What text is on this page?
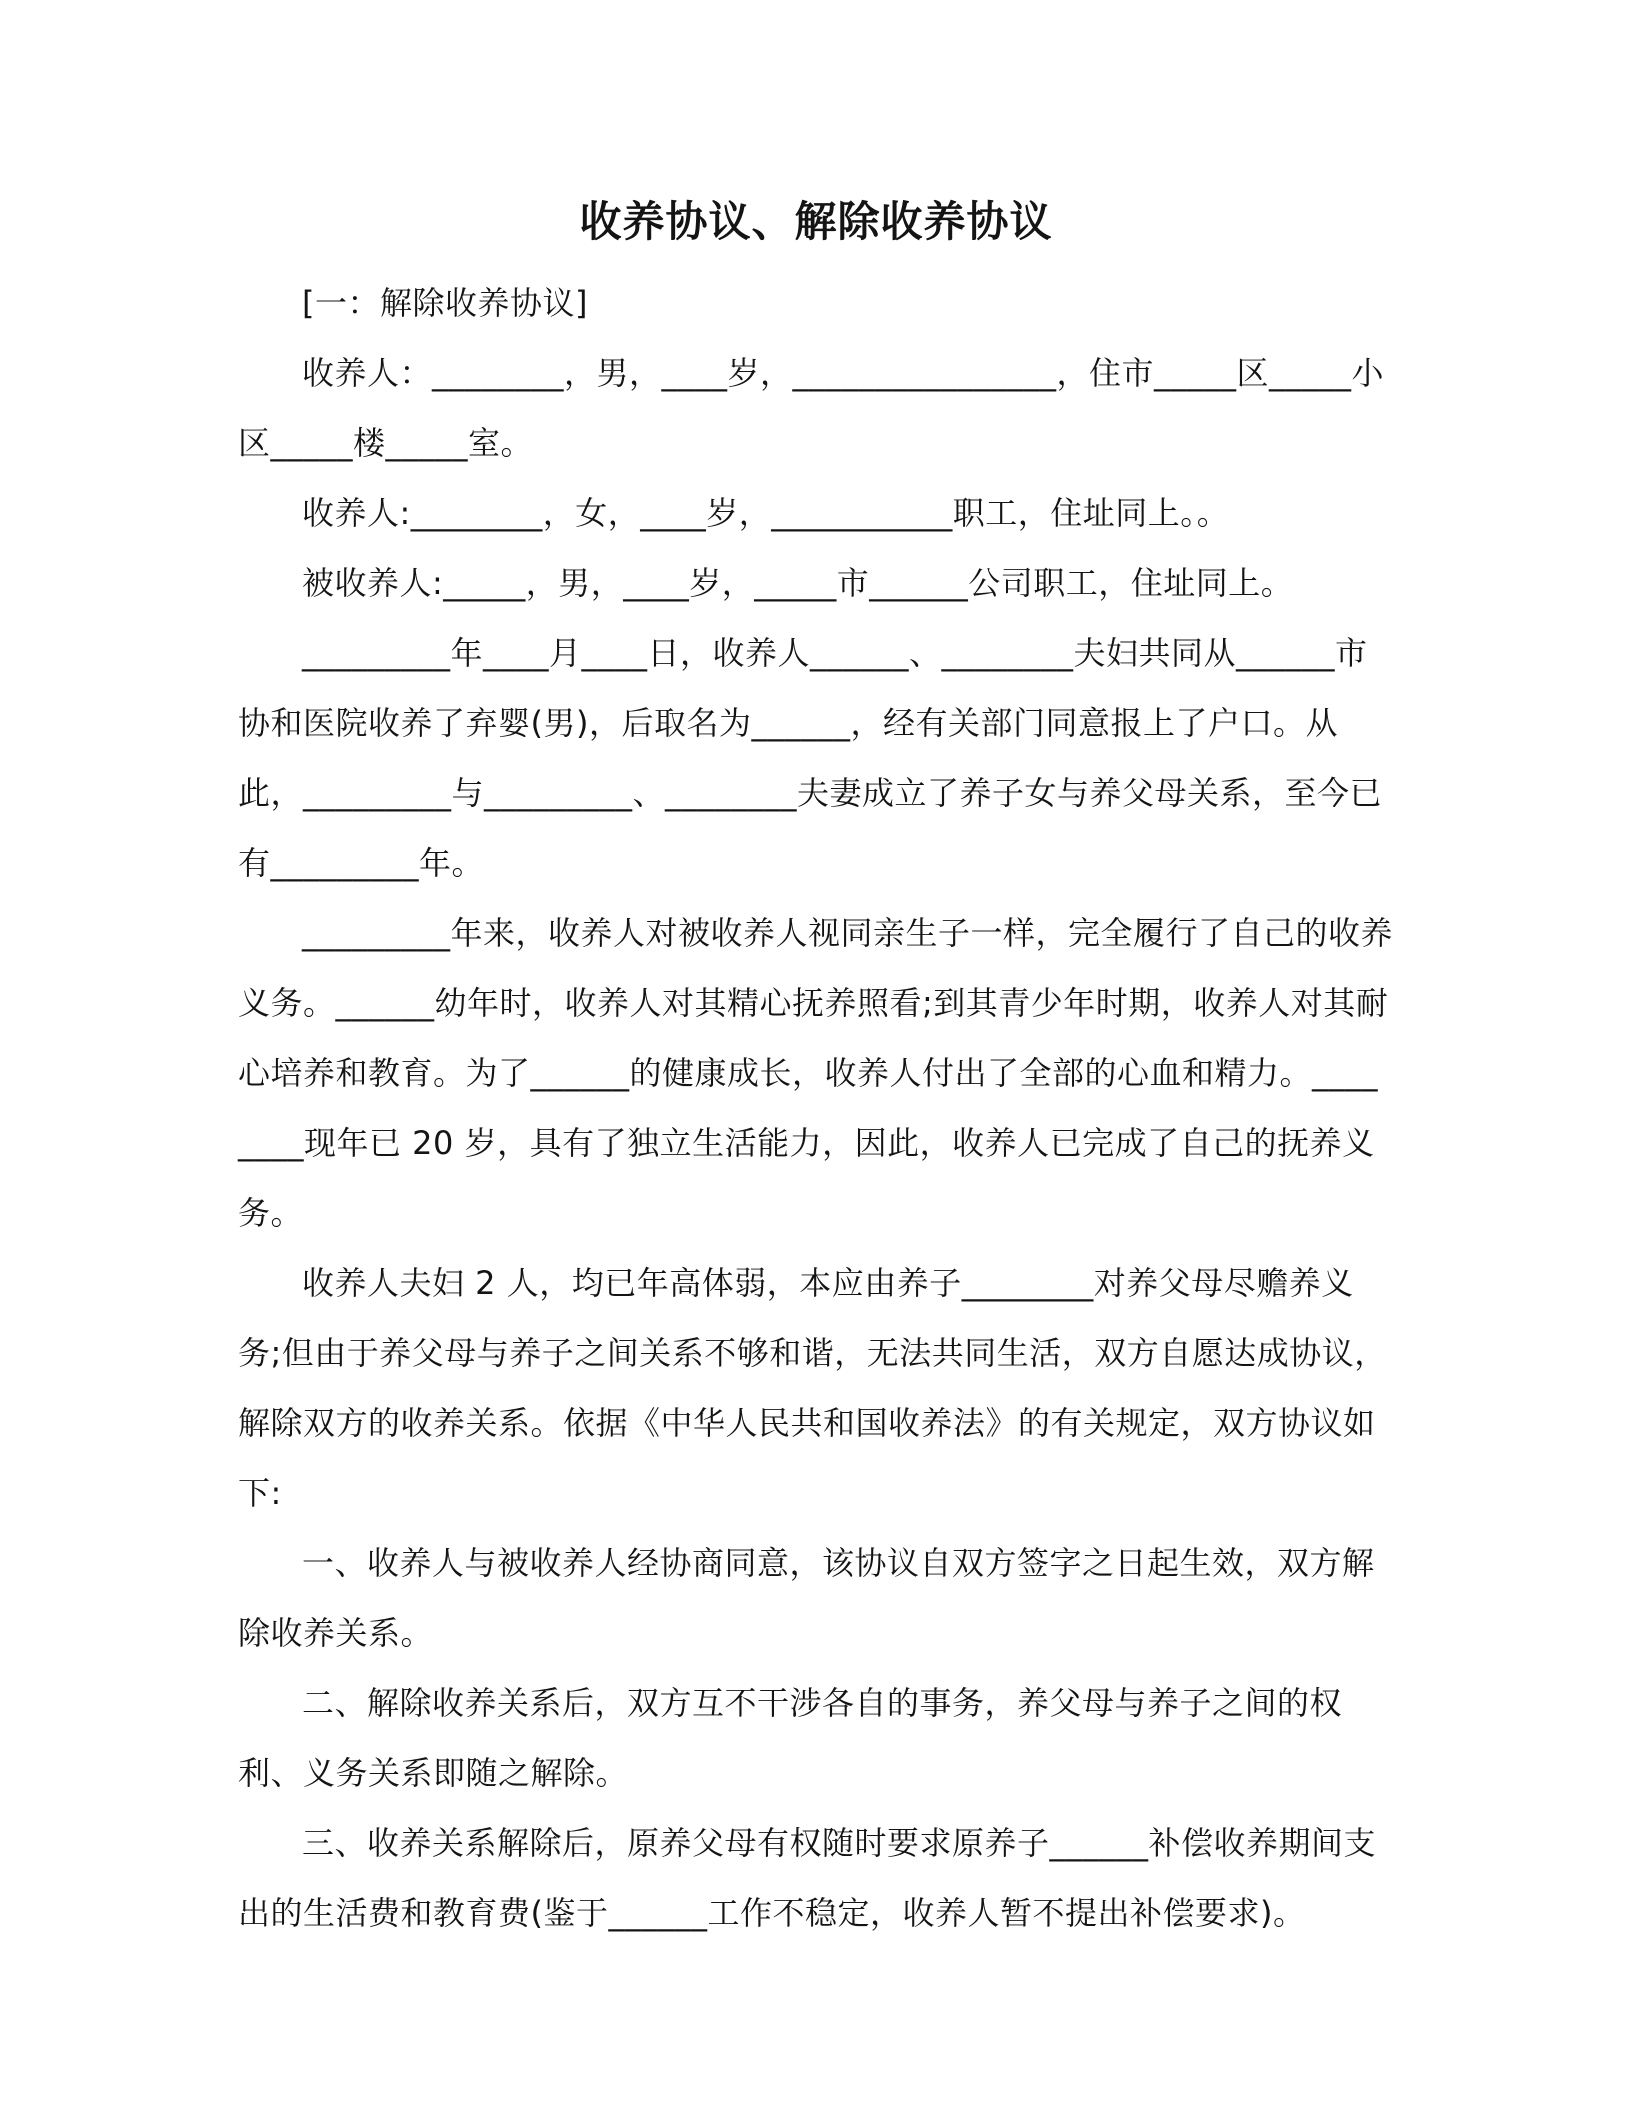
收养协议、解除收养协议

[一：解除收养协议]

收养人：________，男，____岁，________________，住市_____区_____小区_____楼_____室。

收养人:________，女，____岁，___________职工，住址同上。。

被收养人:_____，男，____岁，_____市______公司职工，住址同上。

_________年____月____日，收养人______、________夫妇共同从______市协和医院收养了弃婴(男)，后取名为______，经有关部门同意报上了户口。从此，_________与_________、________夫妻成立了养子女与养父母关系，至今已有_________年。

_________年来，收养人对被收养人视同亲生子一样，完全履行了自己的收养义务。______幼年时，收养人对其精心抚养照看;到其青少年时期，收养人对其耐心培养和教育。为了______的健康成长，收养人付出了全部的心血和精力。________现年已 20 岁，具有了独立生活能力，因此，收养人已完成了自己的抚养义务。

收养人夫妇 2 人，均已年高体弱，本应由养子________对养父母尽赡养义务;但由于养父母与养子之间关系不够和谐，无法共同生活，双方自愿达成协议，解除双方的收养关系。依据《中华人民共和国收养法》的有关规定，双方协议如下:

一、收养人与被收养人经协商同意，该协议自双方签字之日起生效，双方解除收养关系。

二、解除收养关系后，双方互不干涉各自的事务，养父母与养子之间的权利、义务关系即随之解除。

三、收养关系解除后，原养父母有权随时要求原养子______补偿收养期间支出的生活费和教育费(鉴于______工作不稳定，收养人暂不提出补偿要求)。
